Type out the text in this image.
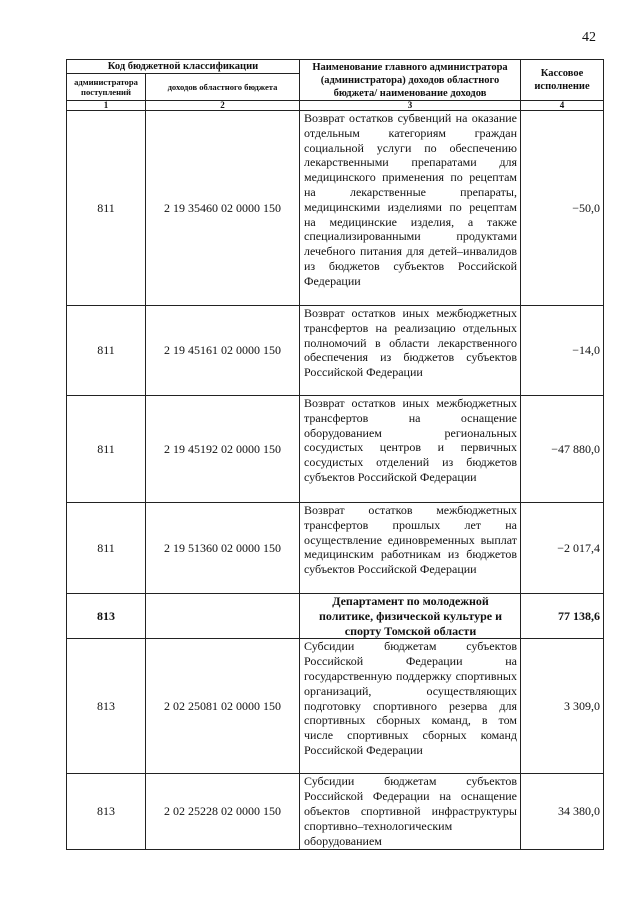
42
Код бюджетной классификации		Наименование главного администратора (администратора) доходов областного бюджета/ наименование доходов	Кассовое исполнение
администратора поступлений	доходов областного бюджета		
1	2	3	4
811	2 19 35460 02 0000 150	Возврат остатков субвенций на оказание отдельным категориям граждан социальной услуги по обеспечению лекарственными препаратами для медицинского применения по рецептам на лекарственные препараты, медицинскими изделиями по рецептам на медицинские изделия, а также специализированными продуктами лечебного питания для детей–инвалидов из бюджетов субъектов Российской Федерации	−50,0
811	2 19 45161 02 0000 150	Возврат остатков иных межбюджетных трансфертов на реализацию отдельных полномочий в области лекарственного обеспечения из бюджетов субъектов Российской Федерации	−14,0
811	2 19 45192 02 0000 150	Возврат остатков иных межбюджетных трансфертов на оснащение оборудованием региональных сосудистых центров и первичных сосудистых отделений из бюджетов субъектов Российской Федерации	−47 880,0
811	2 19 51360 02 0000 150	Возврат остатков межбюджетных трансфертов прошлых лет на осуществление единовременных выплат медицинским работникам из бюджетов субъектов Российской Федерации	−2 017,4
813		Департамент по молодежной политике, физической культуре и спорту Томской области	77 138,6
813	2 02 25081 02 0000 150	Субсидии бюджетам субъектов Российской Федерации на государственную поддержку спортивных организаций, осуществляющих подготовку спортивного резерва для спортивных сборных команд, в том числе спортивных сборных команд Российской Федерации	3 309,0
813	2 02 25228 02 0000 150	Субсидии бюджетам субъектов Российской Федерации на оснащение объектов спортивной инфраструктуры спортивно–технологическим оборудованием	34 380,0
